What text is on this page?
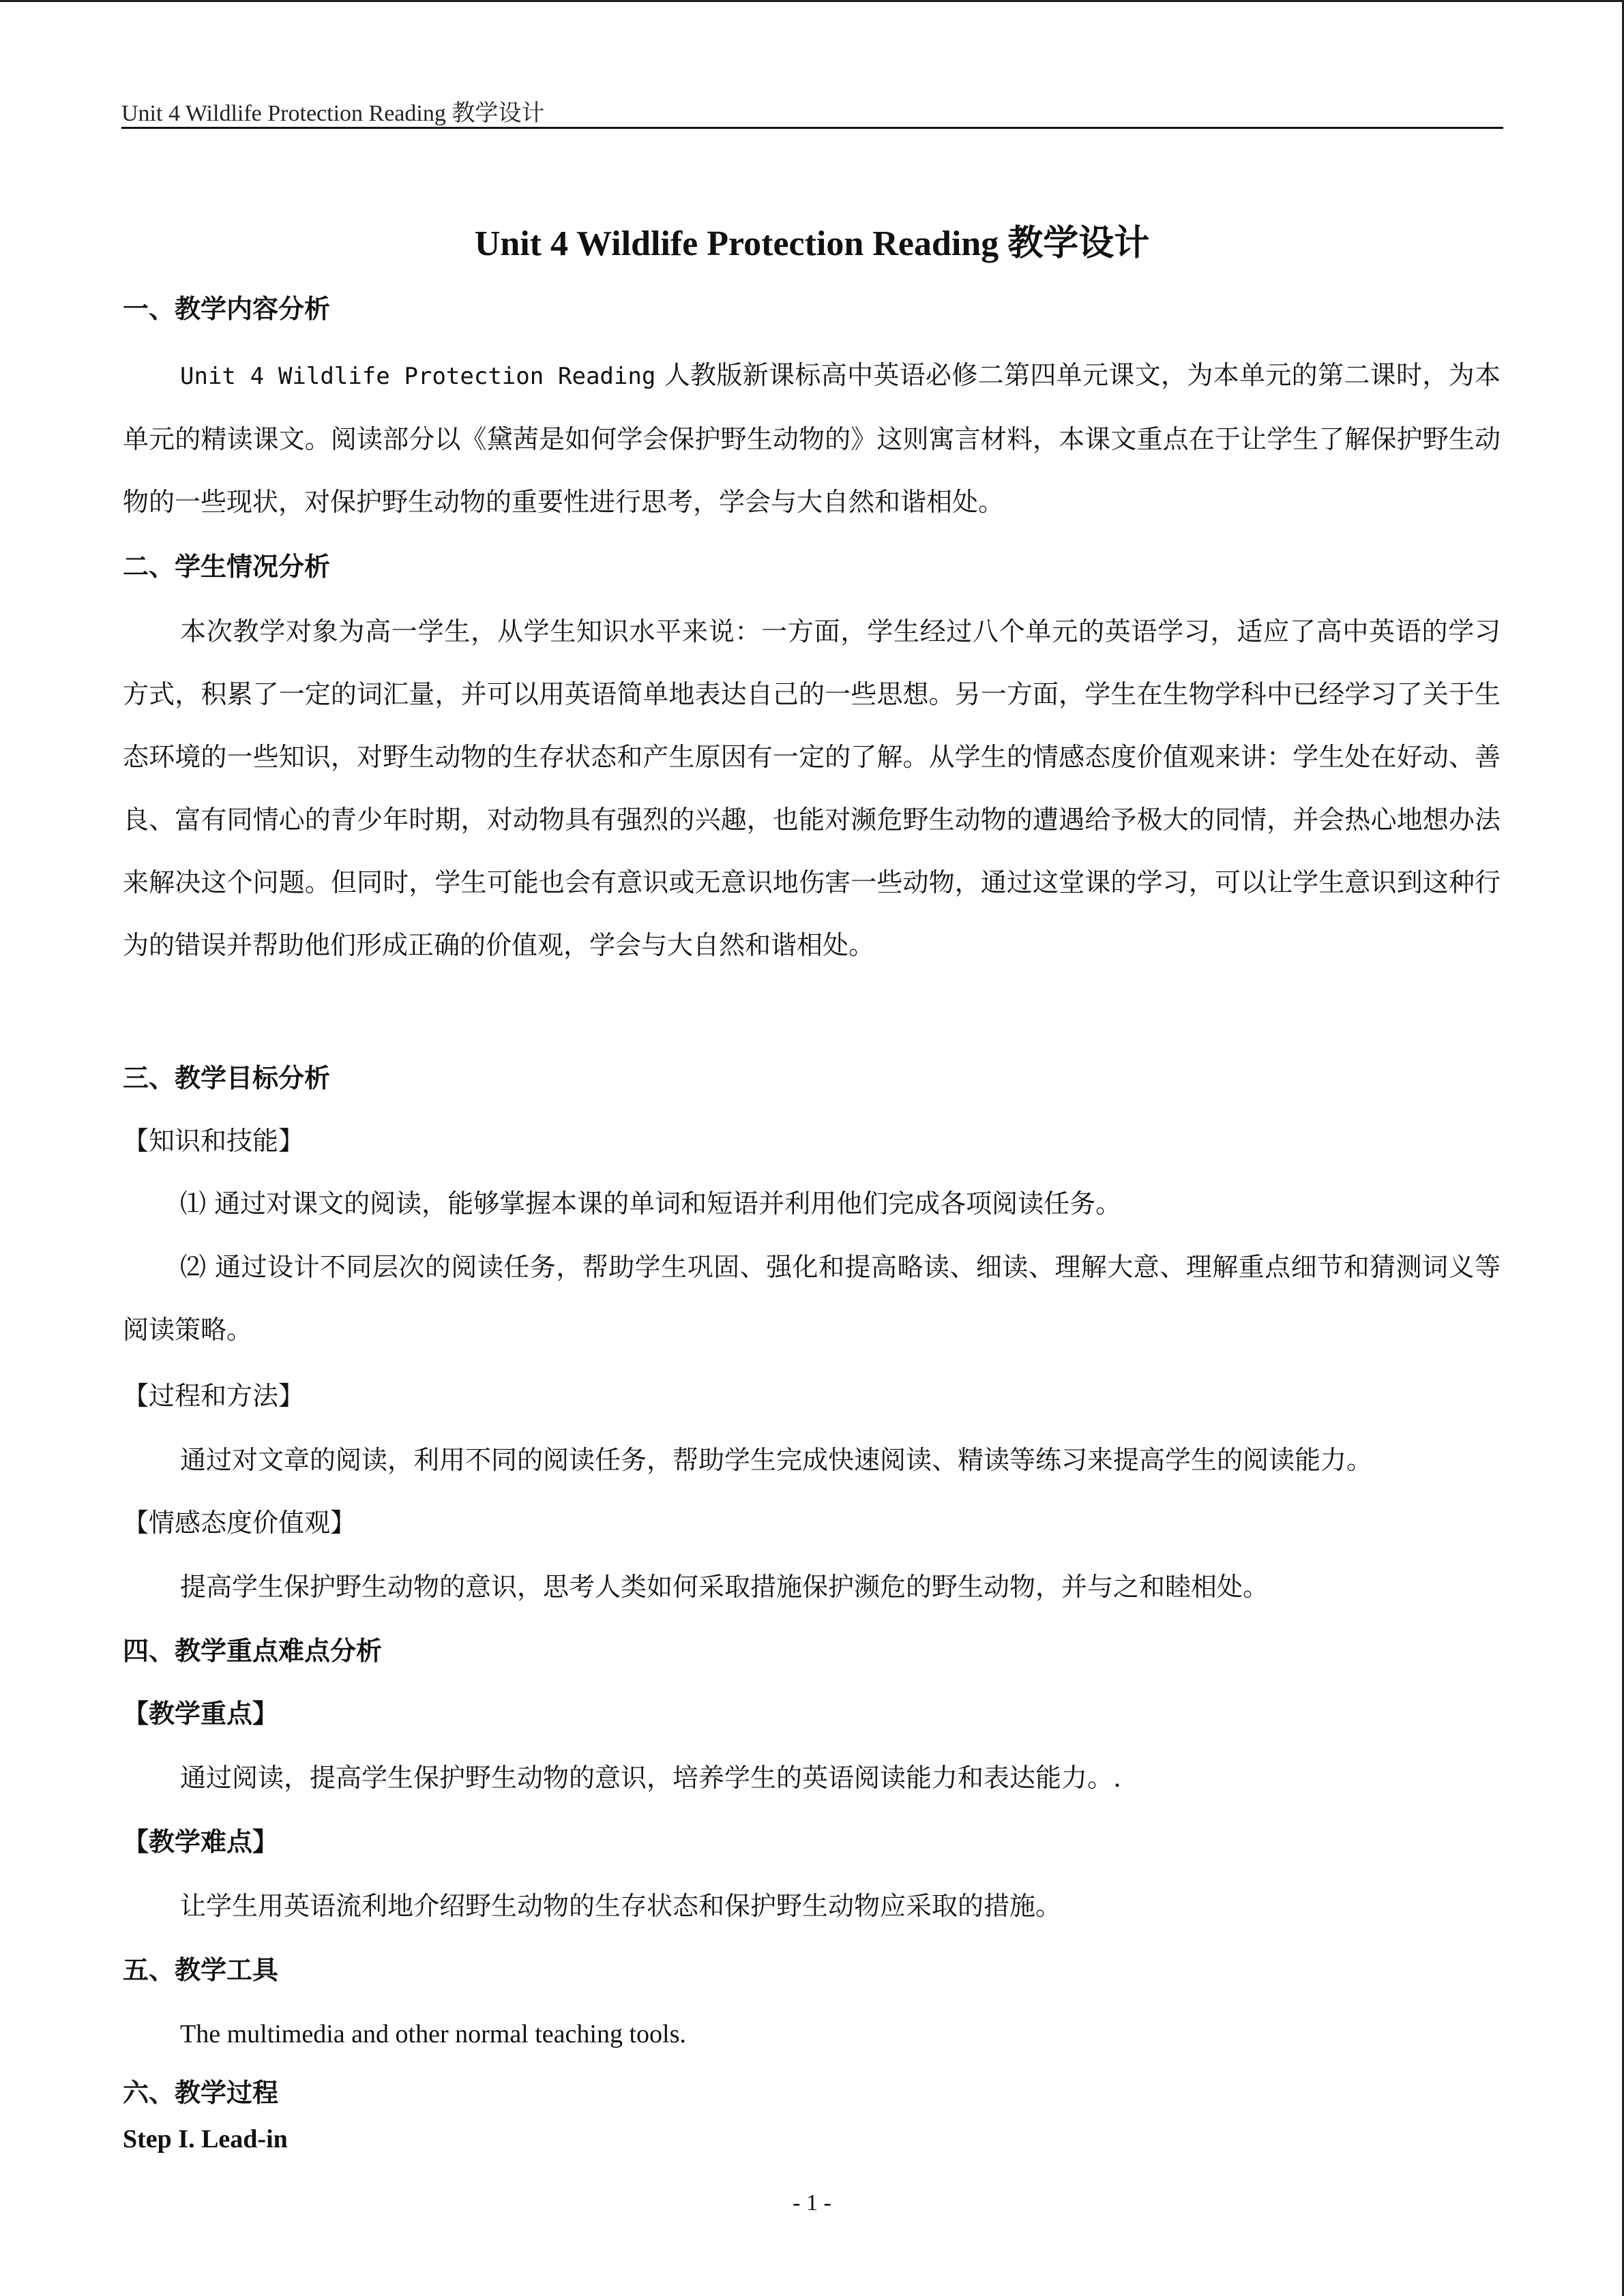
Unit 4 Wildlife Protection Reading 教学设计
Unit 4 Wildlife Protection Reading 教学设计
一、教学内容分析

Unit 4 Wildlife Protection Reading 人教版新课标高中英语必修二第四单元课文，为本单元的第二课时，为本单元的精读课文。阅读部分以《黛茜是如何学会保护野生动物的》这则寓言材料，本课文重点在于让学生了解保护野生动物的一些现状，对保护野生动物的重要性进行思考，学会与大自然和谐相处。

二、学生情况分析

本次教学对象为高一学生，从学生知识水平来说：一方面，学生经过八个单元的英语学习，适应了高中英语的学习方式，积累了一定的词汇量，并可以用英语简单地表达自己的一些思想。另一方面，学生在生物学科中已经学习了关于生态环境的一些知识，对野生动物的生存状态和产生原因有一定的了解。从学生的情感态度价值观来讲：学生处在好动、善良、富有同情心的青少年时期，对动物具有强烈的兴趣，也能对濒危野生动物的遭遇给予极大的同情，并会热心地想办法来解决这个问题。但同时，学生可能也会有意识或无意识地伤害一些动物，通过这堂课的学习，可以让学生意识到这种行为的错误并帮助他们形成正确的价值观，学会与大自然和谐相处。

三、教学目标分析
【知识和技能】
⑴ 通过对课文的阅读，能够掌握本课的单词和短语并利用他们完成各项阅读任务。

⑵ 通过设计不同层次的阅读任务，帮助学生巩固、强化和提高略读、细读、理解大意、理解重点细节和猜测词义等阅读策略。

【过程和方法】
通过对文章的阅读，利用不同的阅读任务，帮助学生完成快速阅读、精读等练习来提高学生的阅读能力。
【情感态度价值观】
提高学生保护野生动物的意识，思考人类如何采取措施保护濒危的野生动物，并与之和睦相处。
四、教学重点难点分析
【教学重点】
通过阅读，提高学生保护野生动物的意识，培养学生的英语阅读能力和表达能力。.
【教学难点】
让学生用英语流利地介绍野生动物的生存状态和保护野生动物应采取的措施。
五、教学工具
The multimedia and other normal teaching tools.
六、教学过程
Step I. Lead-in
- 1 -
